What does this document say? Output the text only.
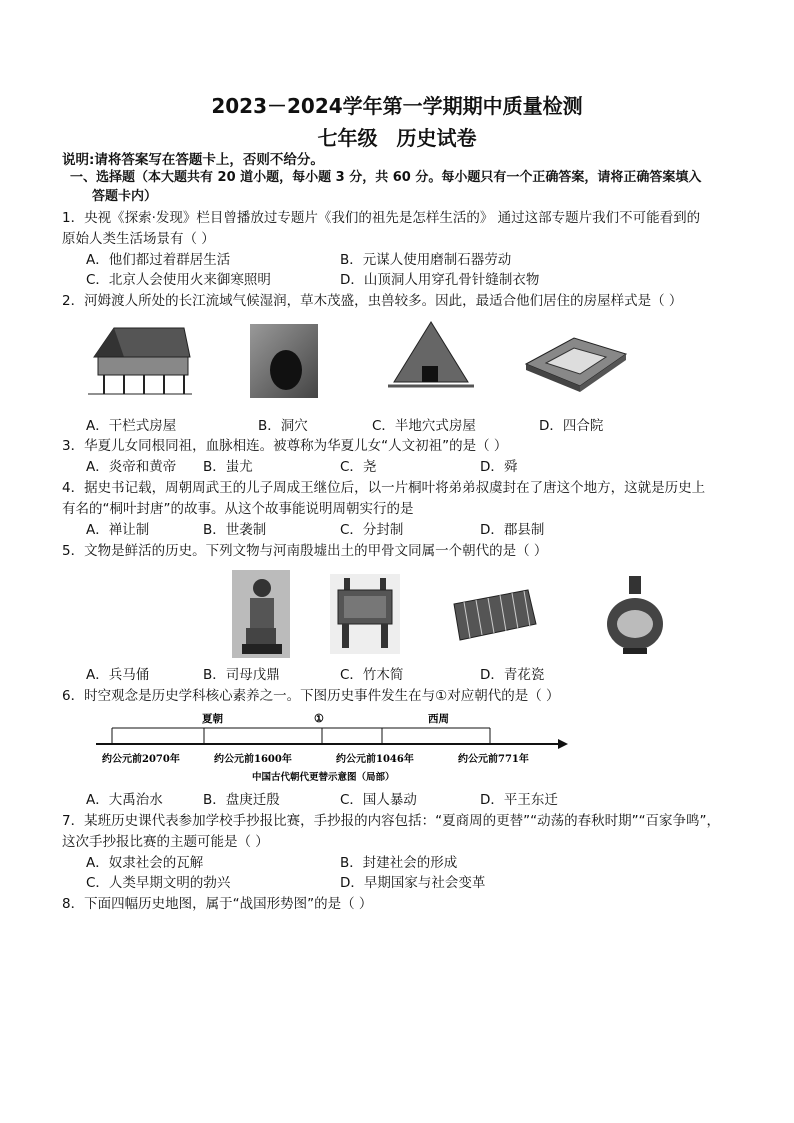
2023－2024学年第一学期期中质量检测
七年级 历史试卷
说明:请将答案写在答题卡上，否则不给分。
一、选择题（本大题共有 20 道小题，每小题 3 分，共 60 分。每小题只有一个正确答案，请将正确答案填入
答题卡内）
1．央视《探索·发现》栏目曾播放过专题片《我们的祖先是怎样生活的》 通过这部专题片我们不可能看到的
原始人类生活场景有（ ）
A．他们都过着群居生活	B．元谋人使用磨制石器劳动
C．北京人会使用火来御寒照明	D．山顶洞人用穿孔骨针缝制衣物
2．河姆渡人所处的长江流域气候湿润，草木茂盛，虫兽较多。因此，最适合他们居住的房屋样式是（ ）
A．干栏式房屋	B．洞穴	C．半地穴式房屋	D．四合院
3．华夏儿女同根同祖，血脉相连。被尊称为华夏儿女“人文初祖”的是（ ）
A．炎帝和黄帝 B．蚩尤	C．尧	D．舜
4．据史书记载，周朝周武王的儿子周成王继位后，以一片桐叶将弟弟叔虞封在了唐这个地方，这就是历史上
有名的“桐叶封唐”的故事。从这个故事能说明周朝实行的是
A．禅让制	B．世袭制	C．分封制	D．郡县制
5．文物是鲜活的历史。下列文物与河南殷墟出土的甲骨文同属一个朝代的是（ ）
A．兵马俑	B．司母戊鼎	C．竹木简	D．青花瓷
6．时空观念是历史学科核心素养之一。下图历史事件发生在与①对应朝代的是（ ）
夏朝	①	西周
约公元前2070年	约公元前1600年	约公元前1046年	约公元前771年
中国古代朝代更替示意图（局部）
A．大禹治水	B．盘庚迁殷	C．国人暴动	D．平王东迁
7．某班历史课代表参加学校手抄报比赛，手抄报的内容包括：“夏商周的更替”“动荡的春秋时期”“百家争鸣”，
这次手抄报比赛的主题可能是（ ）
A．奴隶社会的瓦解	B．封建社会的形成
C．人类早期文明的勃兴	D．早期国家与社会变革
8．下面四幅历史地图，属于“战国形势图”的是（ ）
